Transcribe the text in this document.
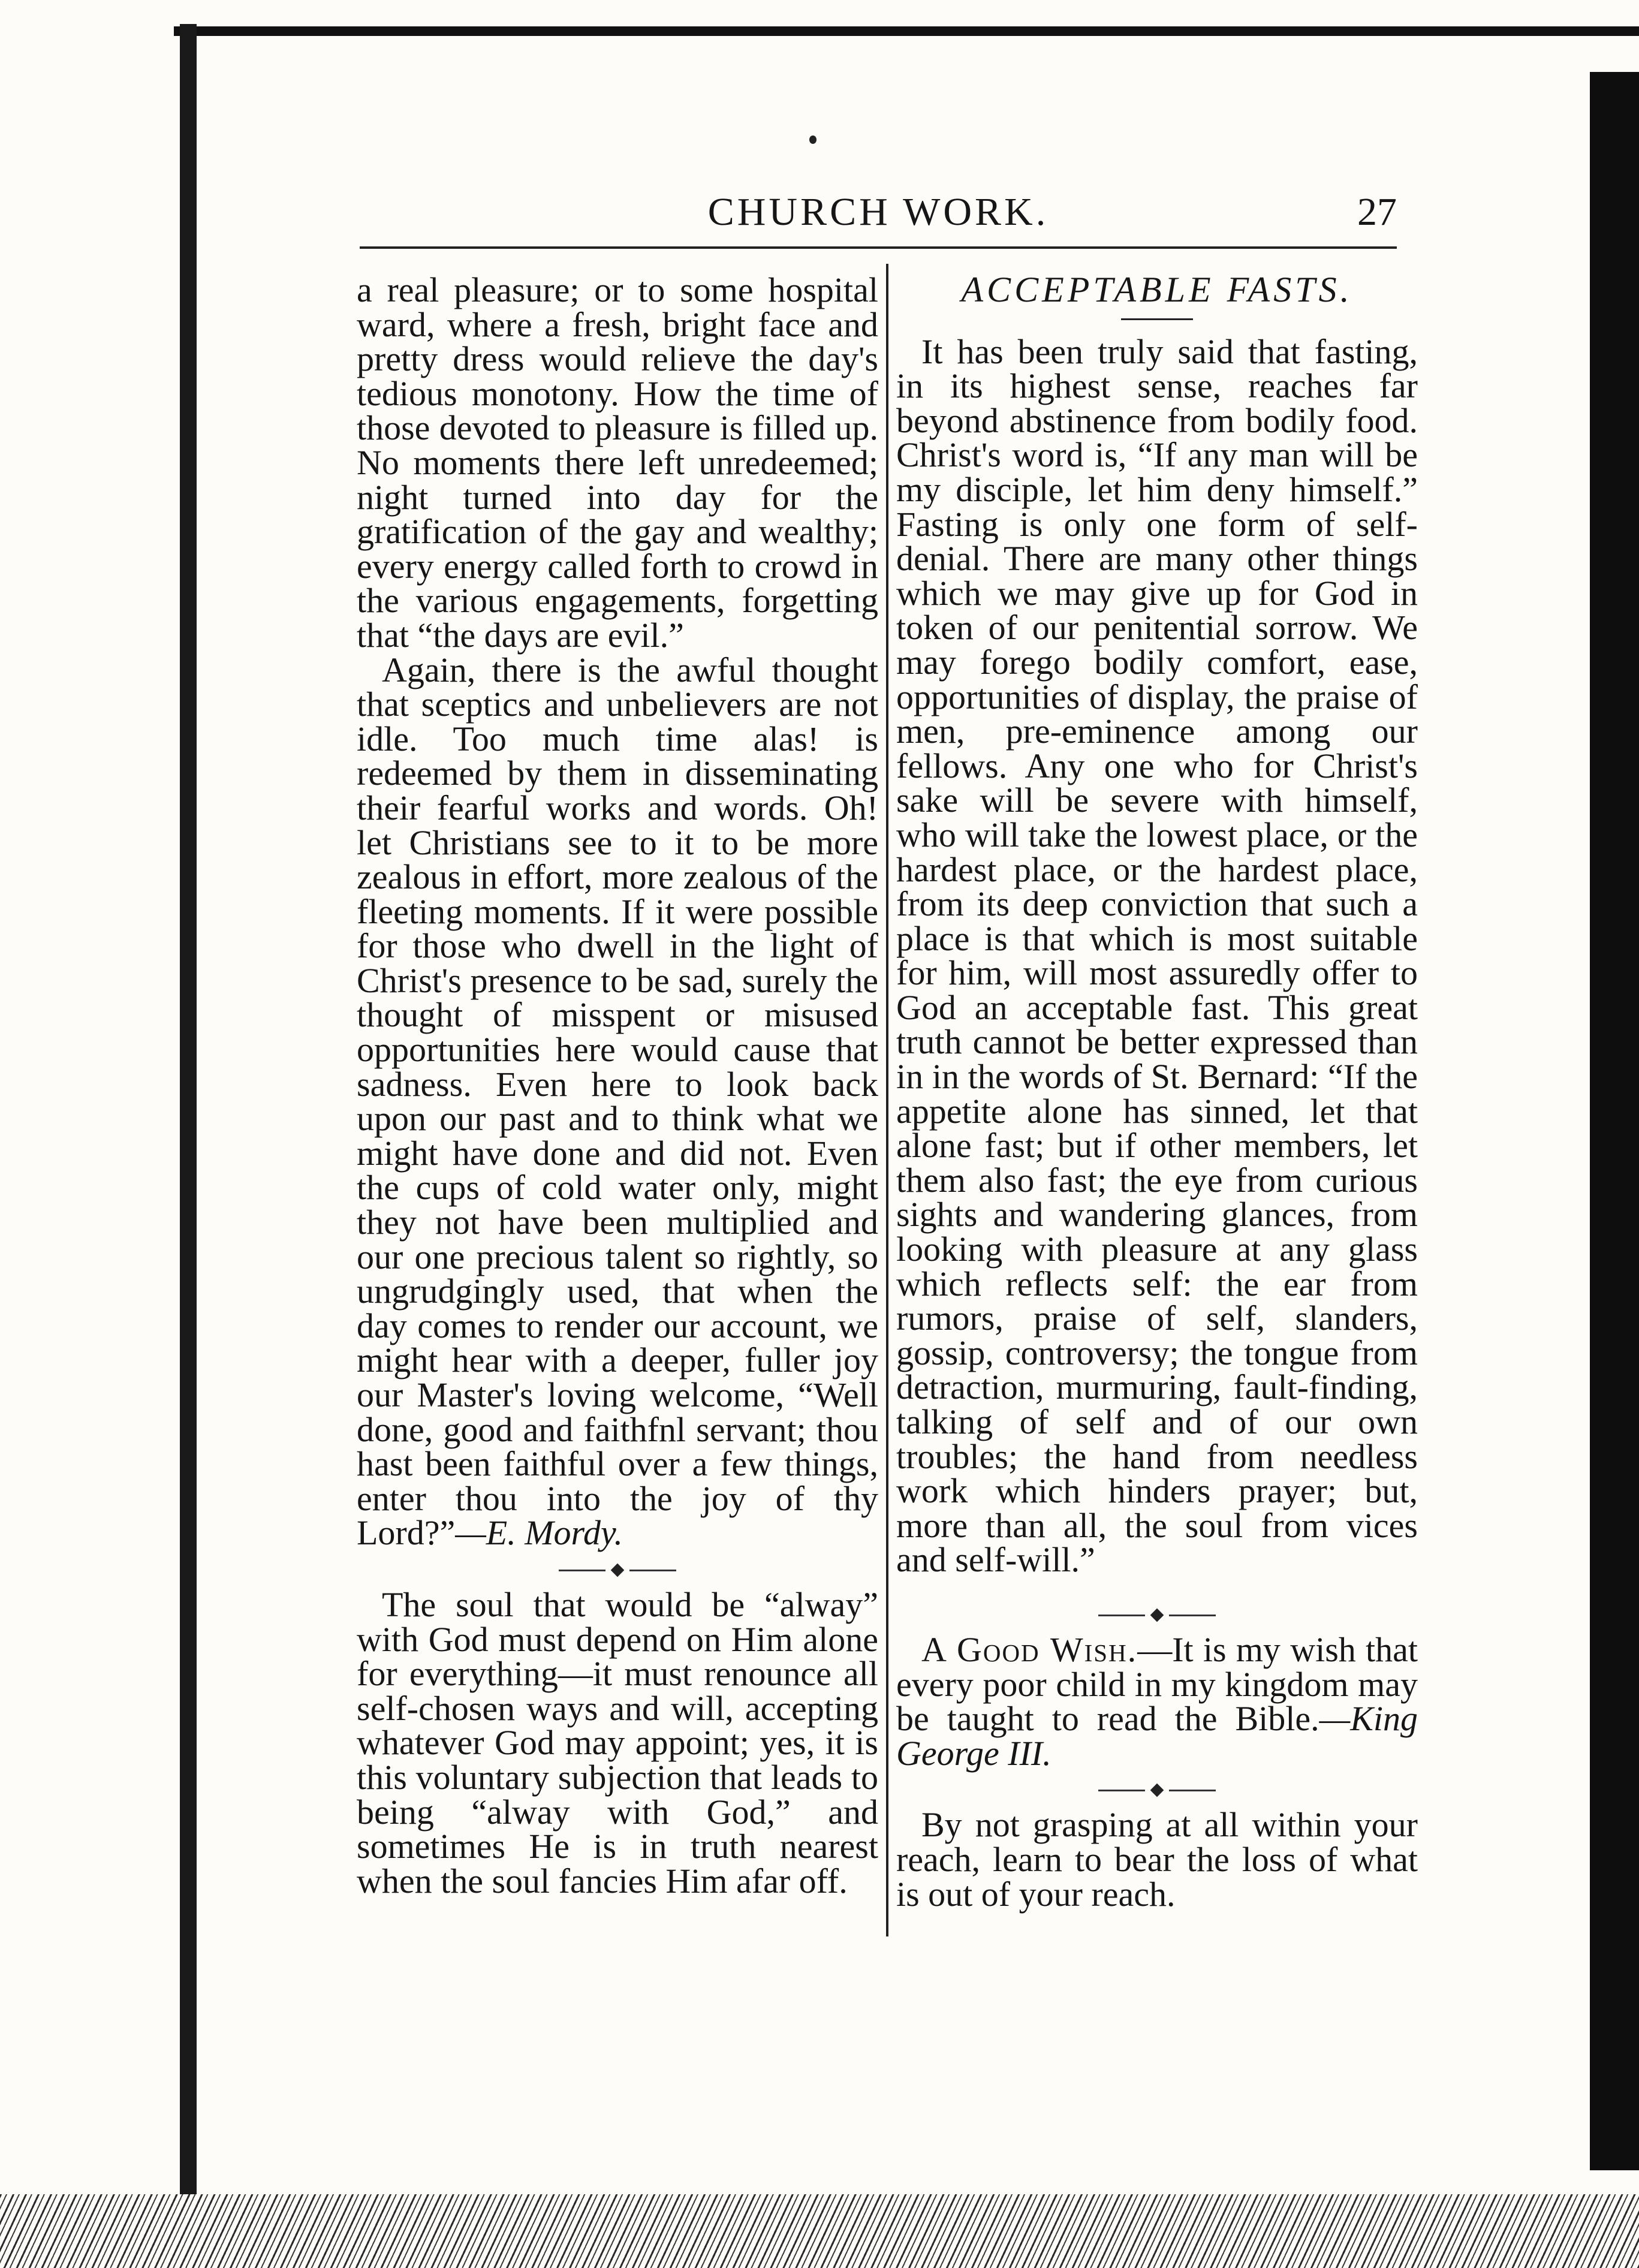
CHURCH WORK.	27

a real pleasure; or to some hospital ward, where a fresh, bright face and pretty dress would relieve the day's tedious monotony. How the time of those devoted to pleasure is filled up. No moments there left unredeemed; night turned into day for the gratification of the gay and wealthy; every energy called forth to crowd in the various engagements, forgetting that “the days are evil.”

Again, there is the awful thought that sceptics and unbelievers are not idle. Too much time alas! is redeemed by them in disseminating their fearful works and words. Oh! let Christians see to it to be more zealous in effort, more zealous of the fleeting moments. If it were possible for those who dwell in the light of Christ's presence to be sad, surely the thought of misspent or misused opportunities here would cause that sadness. Even here to look back upon our past and to think what we might have done and did not. Even the cups of cold water only, might they not have been multiplied and our one precious talent so rightly, so ungrudgingly used, that when the day comes to render our account, we might hear with a deeper, fuller joy our Master's loving welcome, “Well done, good and faithfnl servant; thou hast been faithful over a few things, enter thou into the joy of thy Lord?”—E. Mordy.

The soul that would be “alway” with God must depend on Him alone for everything—it must renounce all self-chosen ways and will, accepting whatever God may appoint; yes, it is this voluntary subjection that leads to being “alway with God,” and sometimes He is in truth nearest when the soul fancies Him afar off.

ACCEPTABLE FASTS.

It has been truly said that fasting, in its highest sense, reaches far beyond abstinence from bodily food. Christ's word is, “If any man will be my disciple, let him deny himself.” Fasting is only one form of self-denial. There are many other things which we may give up for God in token of our penitential sorrow. We may forego bodily comfort, ease, opportunities of display, the praise of men, pre-eminence among our fellows. Any one who for Christ's sake will be severe with himself, who will take the lowest place, or the hardest place, or the hardest place, from its deep conviction that such a place is that which is most suitable for him, will most assuredly offer to God an acceptable fast. This great truth cannot be better expressed than in in the words of St. Bernard: “If the appetite alone has sinned, let that alone fast; but if other members, let them also fast; the eye from curious sights and wandering glances, from looking with pleasure at any glass which reflects self: the ear from rumors, praise of self, slanders, gossip, controversy; the tongue from detraction, murmuring, fault-finding, talking of self and of our own troubles; the hand from needless work which hinders prayer; but, more than all, the soul from vices and self-will.”

A Good Wish.—It is my wish that every poor child in my kingdom may be taught to read the Bible.—King George III.

By not grasping at all within your reach, learn to bear the loss of what is out of your reach.
